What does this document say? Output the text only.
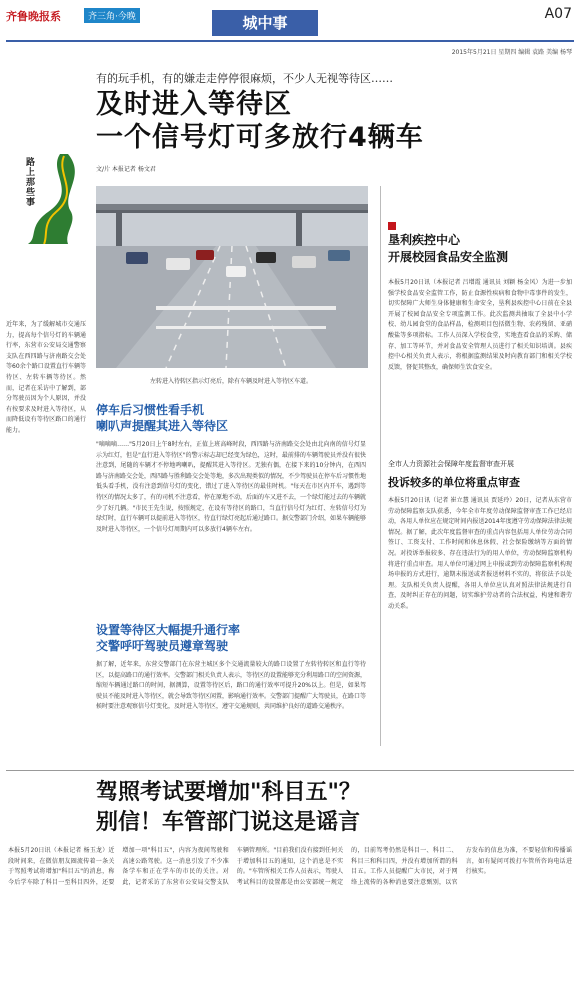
齐鲁晚报系	齐三角·今晚	城中事	A07
2015年5月21日 星期四 编辑 袁路 美编 杨琴
有的玩手机，有的嫌走走停停很麻烦，不少人无视等待区……
及时进入等待区
一个信号灯可多放行4辆车
文/片 本报记者 杨文君
路上那些事
近年来，为了缓解城市交通压力，提高每个信号灯的车辆通行率，东营市公安局交通警察支队在西四路与济南路交会处等60余个路口设置直行车辆等待区、左转车辆等待区。然而，记者在采访中了解到，部分驾驶员因为个人原因，并没有按要求及时进入等待区，从而降低设有等待区路口的通行能力。
左转进入待转区指示灯亮后，除有车辆及时进入等待区车道。
停车后习惯性看手机
喇叭声提醒其进入等待区
"嘀嘀嘀……"5月20日上午8时左右，正值上班高峰时段，西四路与济南路交会处由北向南的信号灯显示为红灯，但是"直行进入等待区"的警示标志却已经变为绿色，这时，最前排的车辆驾驶员并没有很快注意到，尾随的车辆才不停地鸣喇叭，提醒其进入等待区。无独有偶，在接下来的10分钟内，在西四路与济南路交会处，西四路与胜利路交会处等地，多次出现类似的情况，不少驾驶员在停车后习惯性地低头看手机，没有注意到信号灯的变化，错过了进入等待区的最佳时机。"每天在市区内开车，遇到等待区的情况太多了，有的司机不注意看，停在原地不动，后面的车又进不去，一个绿灯能过去的车辆就少了好几辆。"市民王先生说，按照规定，在设有等待区的路口，当直行信号灯为红灯、左转信号灯为绿灯时，直行车辆可以提前进入等待区，待直行绿灯亮起后通过路口。据交警部门介绍，如果车辆能够及时进入等待区，一个信号灯周期内可以多放行4辆车左右。
设置等待区大幅提升通行率
交警呼吁驾驶员遵章驾驶
据了解，近年来，东营交警部门在东营主城区多个交通流量较大的路口设置了左转待转区和直行等待区，以提高路口的通行效率。交警部门相关负责人表示，等待区的设置能够充分利用路口的空间资源，缩短车辆通过路口的时间，据测算，设置等待区后，路口的通行效率可提升20%以上。但是，如果驾驶员不能及时进入等待区，就会导致等待区闲置，影响通行效率。交警部门提醒广大驾驶员，在路口等候时要注意观察信号灯变化，及时进入等待区，遵守交通规则，共同维护良好的道路交通秩序。
垦利疾控中心
开展校园食品安全监测
本报5月20日讯（本报记者 吕增霞 通讯员 刘颖 杨金风）为进一步加强学校食品安全监管工作，防止食源性疾病和食物中毒事件的发生，切实保障广大师生身体健康和生命安全，垦利县疾控中心日前在全县开展了校园食品安全专项监测工作。此次监测共抽取了全县中小学校、幼儿园食堂的食品样品，检测项目包括微生物、农药残留、亚硝酸盐等多项指标。工作人员深入学校食堂，实地查看食品的采购、储存、加工等环节，并对食品安全管理人员进行了相关知识培训。县疾控中心相关负责人表示，将根据监测结果及时向教育部门和相关学校反馈，督促其整改，确保师生饮食安全。
全市人力资源社会保障年度监督审查开展
投诉较多的单位将重点审查
本报5月20日讯（记者 崔立慧 通讯员 贾延玲）20日，记者从东营市劳动保障监察支队获悉，今年全市年度劳动保障监督审查工作已经启动，各用人单位应在规定时间内报送2014年度遵守劳动保障法律法规情况。据了解，此次年度监督审查的重点内容包括用人单位劳动合同签订、工资支付、工作时间和休息休假、社会保险缴纳等方面的情况。对投诉举报较多、存在违法行为的用人单位，劳动保障监察机构将进行重点审查。用人单位可通过网上申报或到劳动保障监察机构现场申报的方式进行，逾期未报送或者报送材料不实的，将依法予以处理。支队相关负责人提醒，各用人单位应认真对照法律法规进行自查，及时纠正存在的问题，切实维护劳动者的合法权益，构建和谐劳动关系。
驾照考试要增加"科目五"？
别信！车管部门说这是谣言
本报5月20日讯（本报记者 杨玉龙）近段时间来，在微信朋友圈流传着一条关于驾照考试将增加"科目五"的消息，称今后学车除了科目一至科目四外，还要增加一项"科目五"，内容为夜间驾驶和高速公路驾驶。这一消息引发了不少准备学车和正在学车的市民的关注。对此，记者采访了东营市公安局交警支队车辆管理所。"目前我们没有接到任何关于增加科目五的通知，这个消息是不实的。"车管所相关工作人员表示，驾驶人考试科目的设置都是由公安部统一规定的，目前驾考仍然是科目一、科目二、科目三和科目四，并没有增加所谓的科目五。工作人员提醒广大市民，对于网络上流传的各种消息要注意甄别，以官方发布的信息为准，不要轻信和传播谣言，如有疑问可拨打车管所咨询电话进行核实。
